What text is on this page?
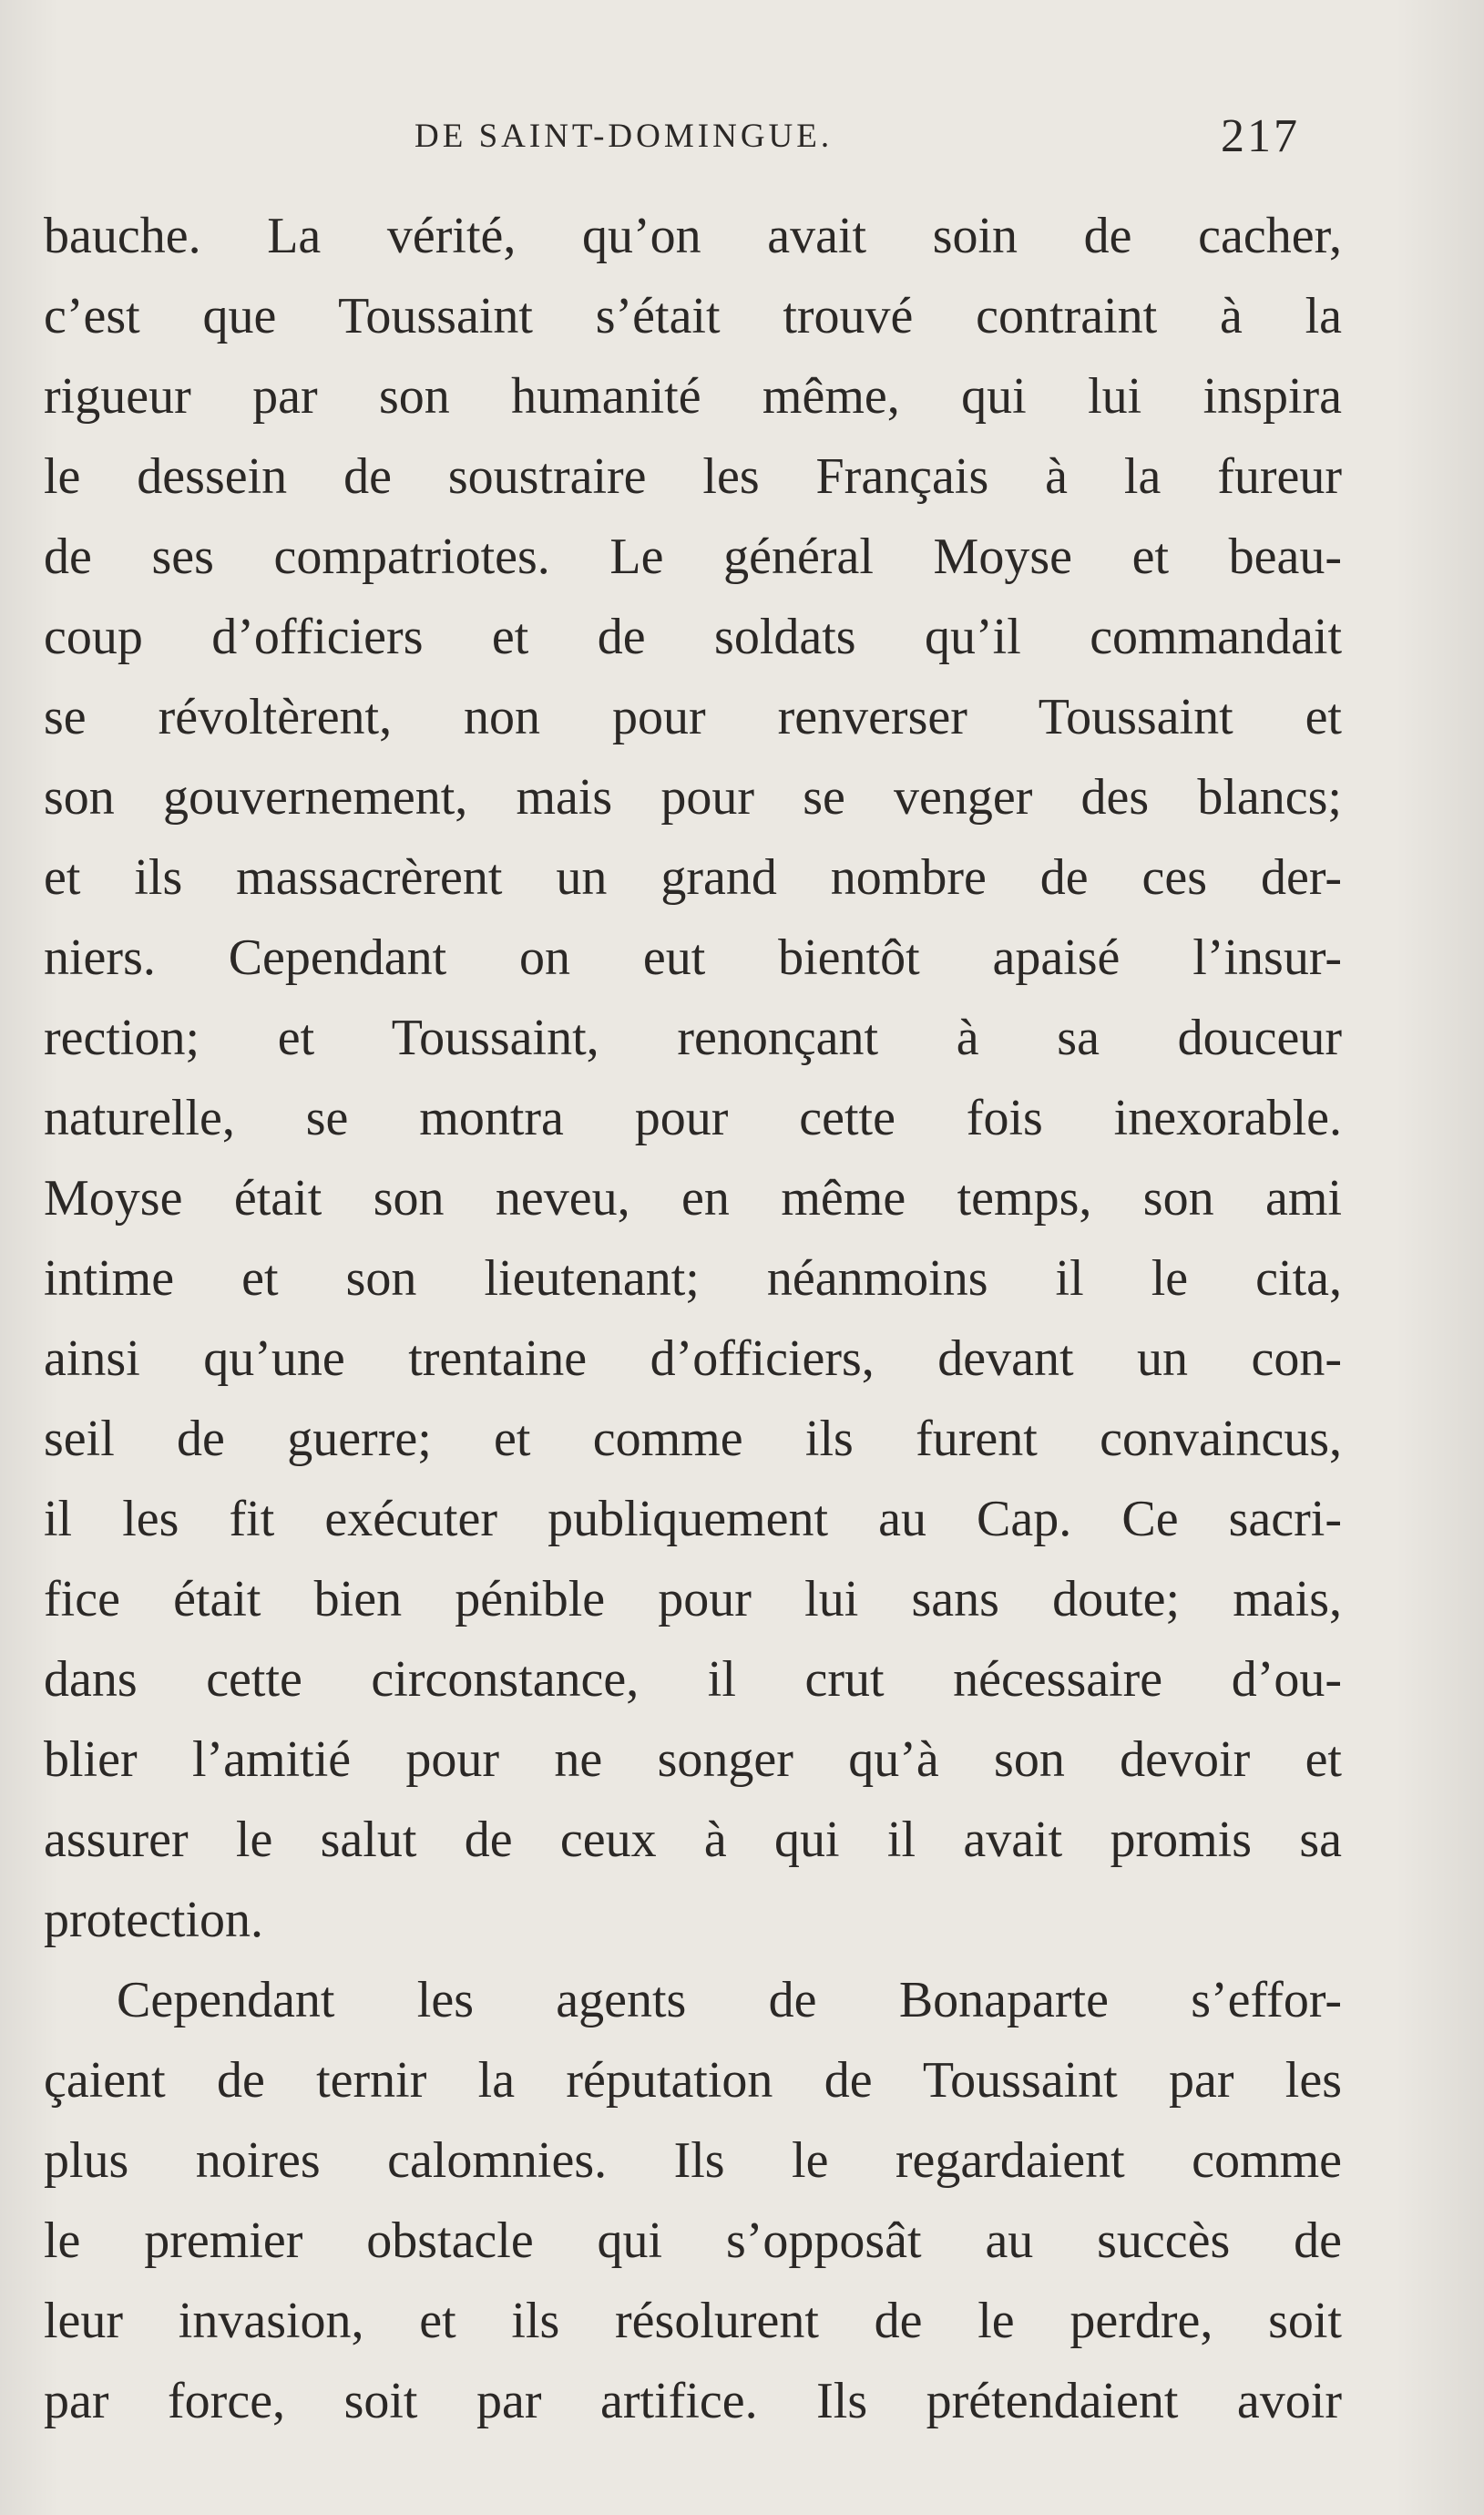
DE SAINT-DOMINGUE.	217
bauche. La vérité, qu’on avait soin de cacher,
c’est que Toussaint s’était trouvé contraint à la
rigueur par son humanité même, qui lui inspira
le dessein de soustraire les Français à la fureur
de ses compatriotes. Le général Moyse et beau-
coup d’officiers et de soldats qu’il commandait
se révoltèrent, non pour renverser Toussaint et
son gouvernement, mais pour se venger des blancs;
et ils massacrèrent un grand nombre de ces der-
niers. Cependant on eut bientôt apaisé l’insur-
rection; et Toussaint, renonçant à sa douceur
naturelle, se montra pour cette fois inexorable.
Moyse était son neveu, en même temps, son ami
intime et son lieutenant; néanmoins il le cita,
ainsi qu’une trentaine d’officiers, devant un con-
seil de guerre; et comme ils furent convaincus,
il les fit exécuter publiquement au Cap. Ce sacri-
fice était bien pénible pour lui sans doute; mais,
dans cette circonstance, il crut nécessaire d’ou-
blier l’amitié pour ne songer qu’à son devoir et
assurer le salut de ceux à qui il avait promis sa
protection.
Cependant les agents de Bonaparte s’effor-
çaient de ternir la réputation de Toussaint par les
plus noires calomnies. Ils le regardaient comme
le premier obstacle qui s’opposât au succès de
leur invasion, et ils résolurent de le perdre, soit
par force, soit par artifice. Ils prétendaient avoir
